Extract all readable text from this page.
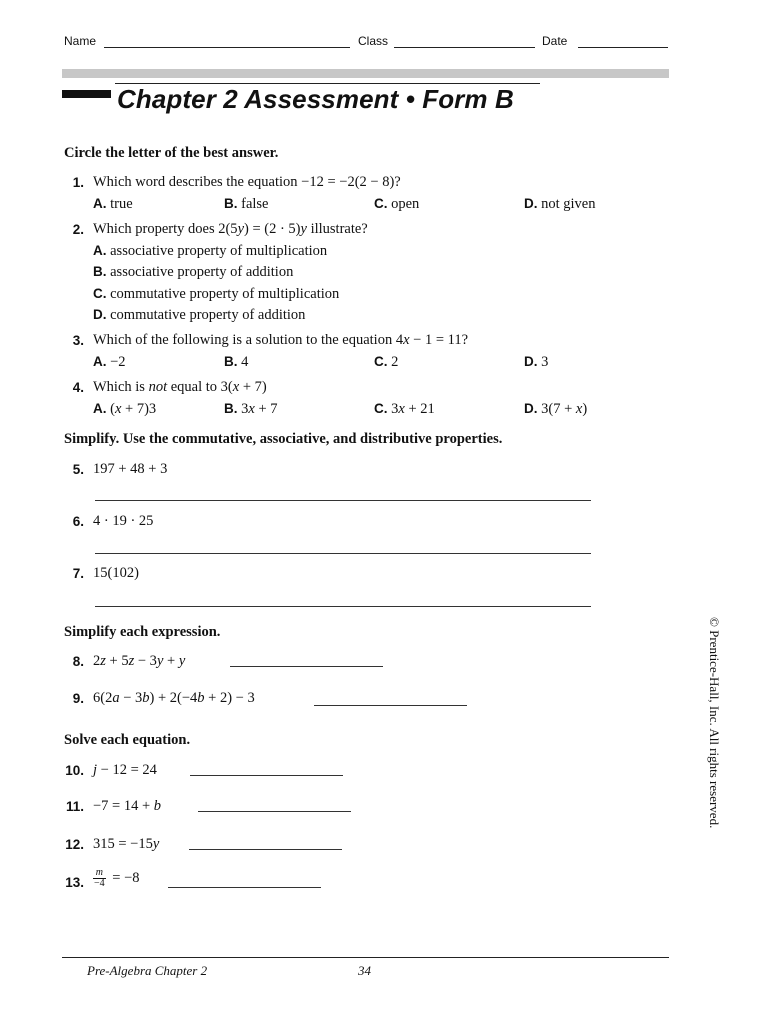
Name	Class	Date
Chapter 2 Assessment • Form B
Circle the letter of the best answer.
1. Which word describes the equation −12 = −2(2 − 8)?
A. true	B. false	C. open	D. not given
2. Which property does 2(5y) = (2 · 5)y illustrate?
A. associative property of multiplication
B. associative property of addition
C. commutative property of multiplication
D. commutative property of addition
3. Which of the following is a solution to the equation 4x − 1 = 11?
A. −2	B. 4	C. 2	D. 3
4. Which is not equal to 3(x + 7)
A. (x + 7)3	B. 3x + 7	C. 3x + 21	D. 3(7 + x)
Simplify. Use the commutative, associative, and distributive properties.
5. 197 + 48 + 3
6. 4 · 19 · 25
7. 15(102)
Simplify each expression.
8. 2z + 5z − 3y + y
9. 6(2a − 3b) + 2(−4b + 2) − 3
Solve each equation.
10. j − 12 = 24
11. −7 = 14 + b
12. 315 = −15y
13. $\frac{m}{-4} = -8$
© Prentice-Hall, Inc. All rights reserved.
Pre-Algebra Chapter 2	34
